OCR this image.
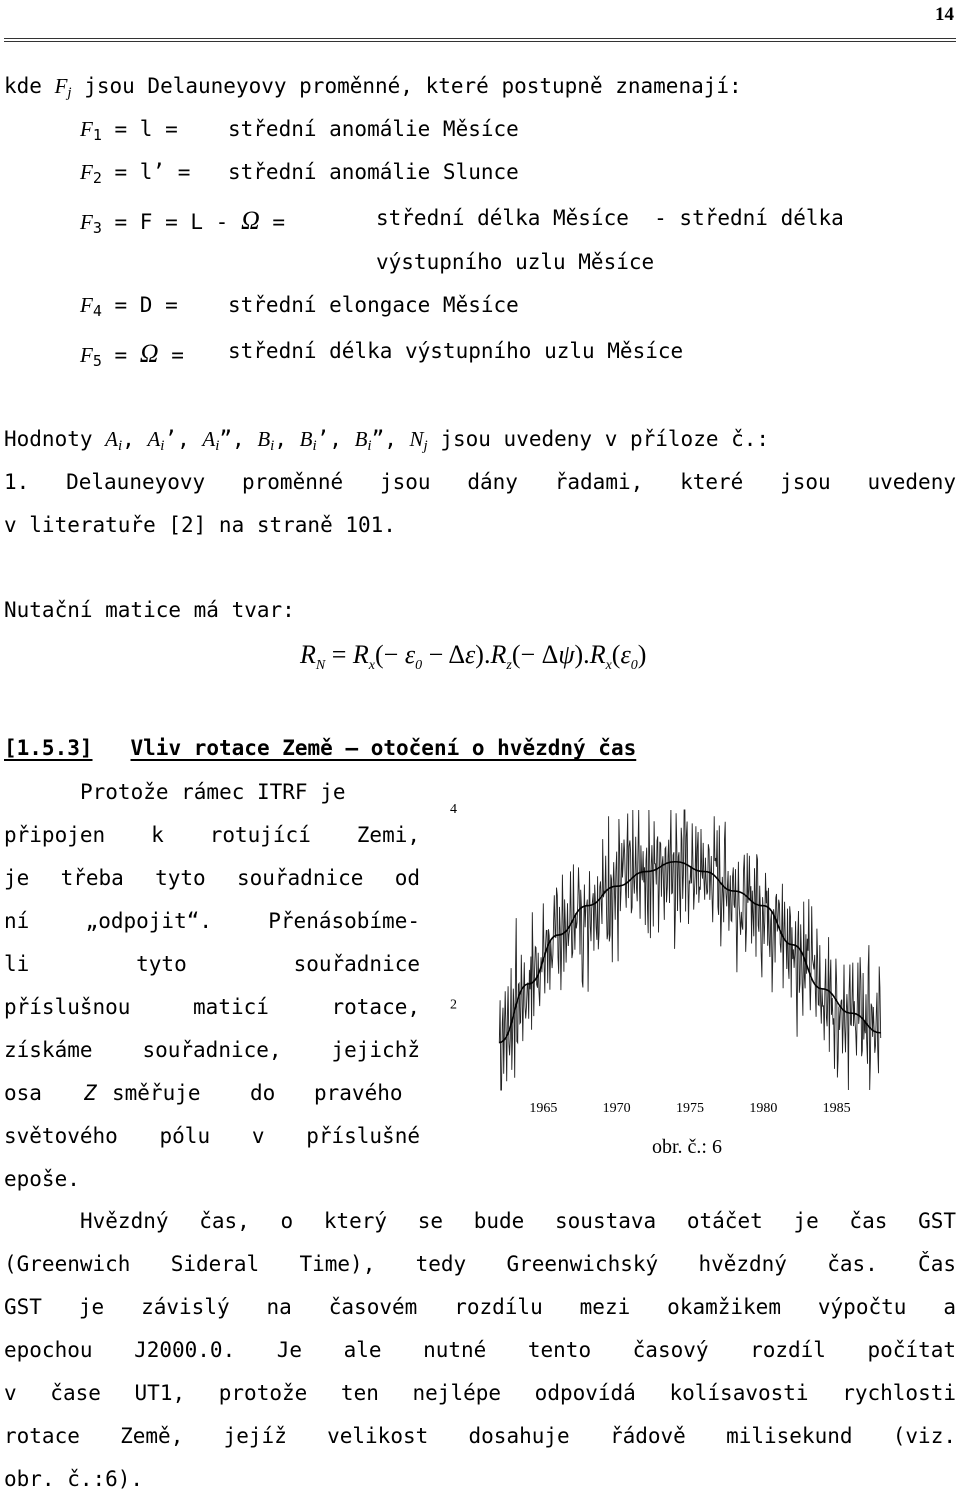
14
kde Fj jsou Delauneyovy proměnné, které postupně znamenají:
F1 = l = střední anomálie Měsíce
F2 = l’ = střední anomálie Slunce
F3 = F = L - Ω =	střední délka Měsíce  - střední délka
výstupního uzlu Měsíce
F4 = D = střední elongace Měsíce
F5 = Ω = střední délka výstupního uzlu Měsíce
Hodnoty Ai, Ai’, Ai”, Bi, Bi’, Bi”, Nj jsou uvedeny v příloze č.:
1. Delauneyovy proměnné jsou dány řadami, které jsou uvedeny
v literatuře [2] na straně 101.
Nutační matice má tvar:
$R_N = R_x(- \varepsilon_0 - \Delta\varepsilon).R_z(- \Delta\psi).R_x(\varepsilon_0)$
[1.5.3] Vliv rotace Země – otočení o hvězdný čas
Protože rámec ITRF je
připojen k rotující Zemi,
je třeba tyto souřadnice od
ní „odpojit“. Přenásobíme-
li tyto souřadnice
příslušnou maticí rotace,
získáme souřadnice, jejichž
osa Z směřuje do pravého
světového pólu v příslušné
epoše.
4
2
1965	1970	1975	1980	1985
obr. č.: 6
Hvězdný čas, o který se bude soustava otáčet je čas GST
(Greenwich Sideral Time), tedy Greenwichský hvězdný čas. Čas
GST je závislý na časovém rozdílu mezi okamžikem výpočtu a
epochou J2000.0. Je ale nutné tento časový rozdíl počítat
v čase UT1, protože ten nejlépe odpovídá kolísavosti rychlosti
rotace Země, jejíž velikost dosahuje řádově milisekund (viz.
obr. č.:6).
